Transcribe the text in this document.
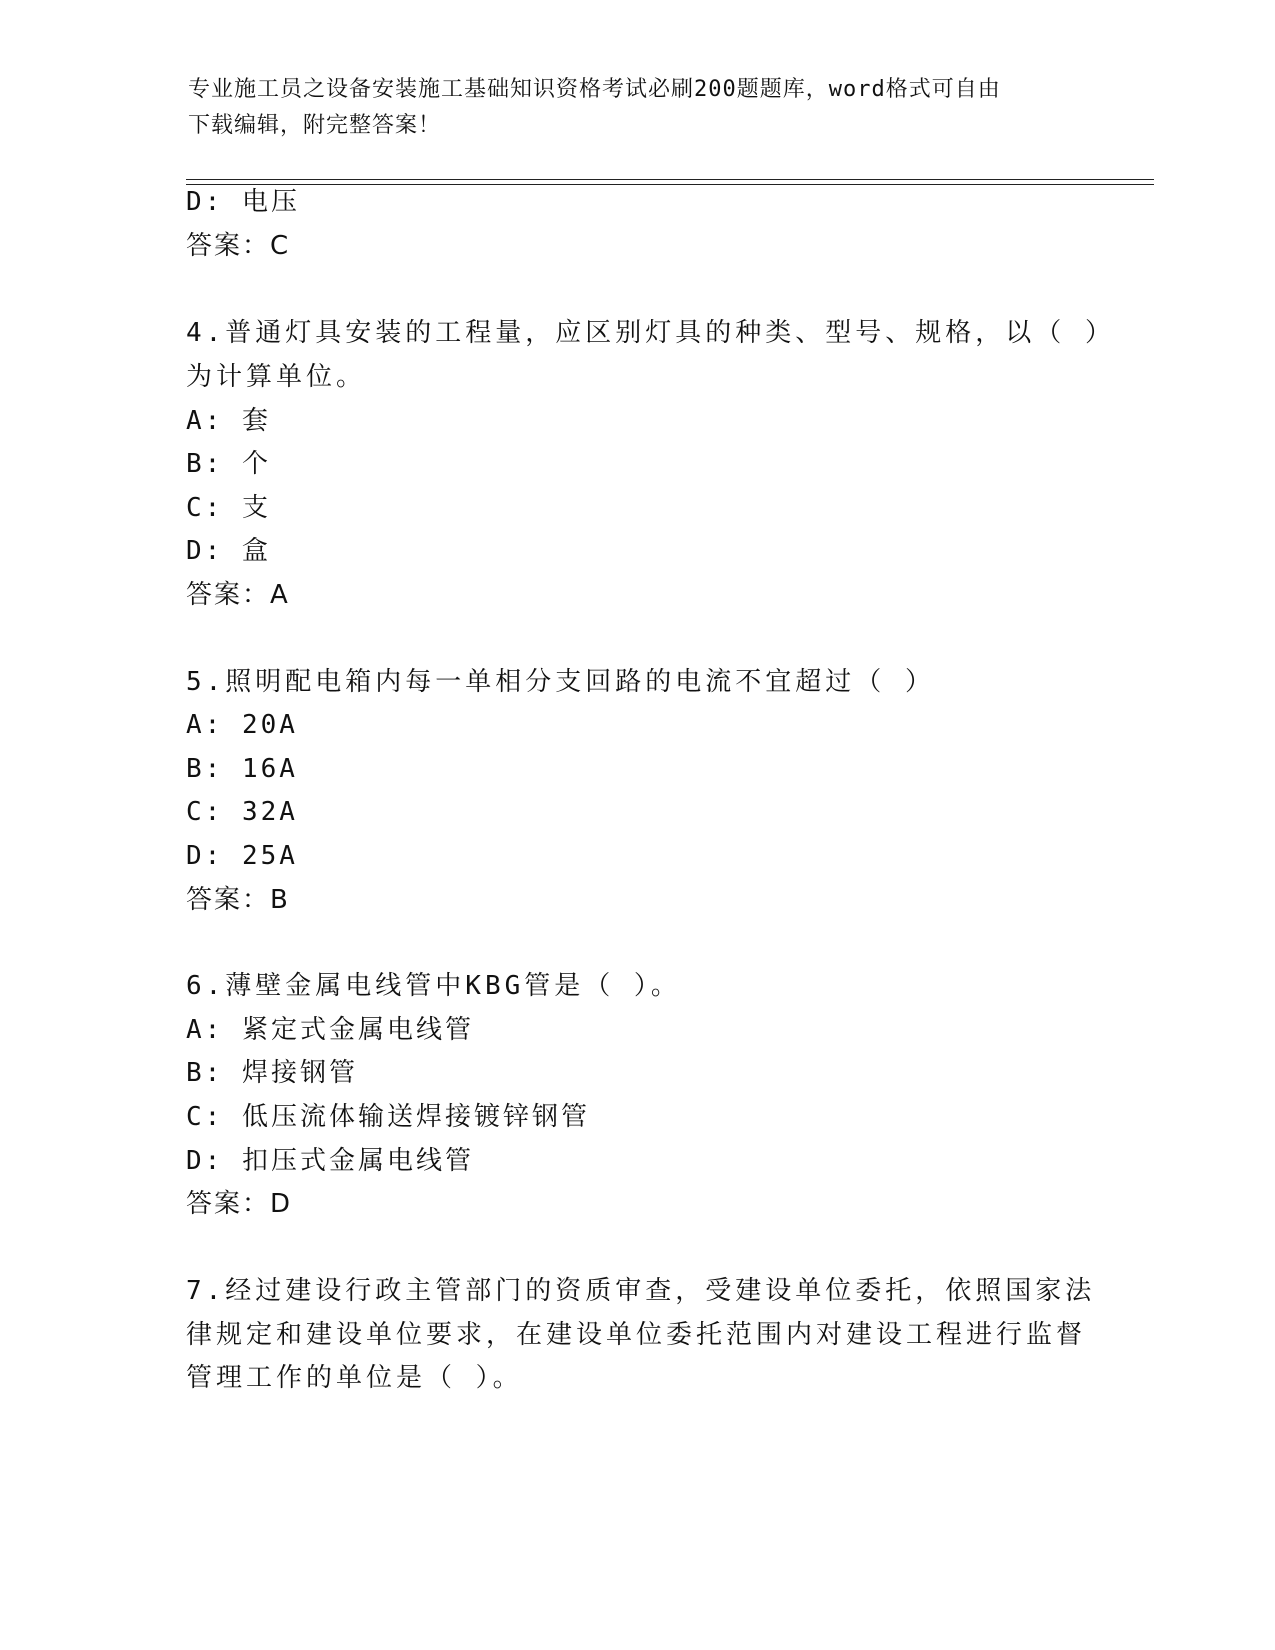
专业施工员之设备安装施工基础知识资格考试必刷200题题库，word格式可自由
下载编辑，附完整答案！
D: 电压
答案：C
4.普通灯具安装的工程量，应区别灯具的种类、型号、规格，以（ ）
为计算单位。
A: 套
B: 个
C: 支
D: 盒
答案：A
5.照明配电箱内每一单相分支回路的电流不宜超过（ ）
A: 20A
B: 16A
C: 32A
D: 25A
答案：B
6.薄壁金属电线管中KBG管是（ ）。
A: 紧定式金属电线管
B: 焊接钢管
C: 低压流体输送焊接镀锌钢管
D: 扣压式金属电线管
答案：D
7.经过建设行政主管部门的资质审查，受建设单位委托，依照国家法
律规定和建设单位要求，在建设单位委托范围内对建设工程进行监督
管理工作的单位是（ ）。
